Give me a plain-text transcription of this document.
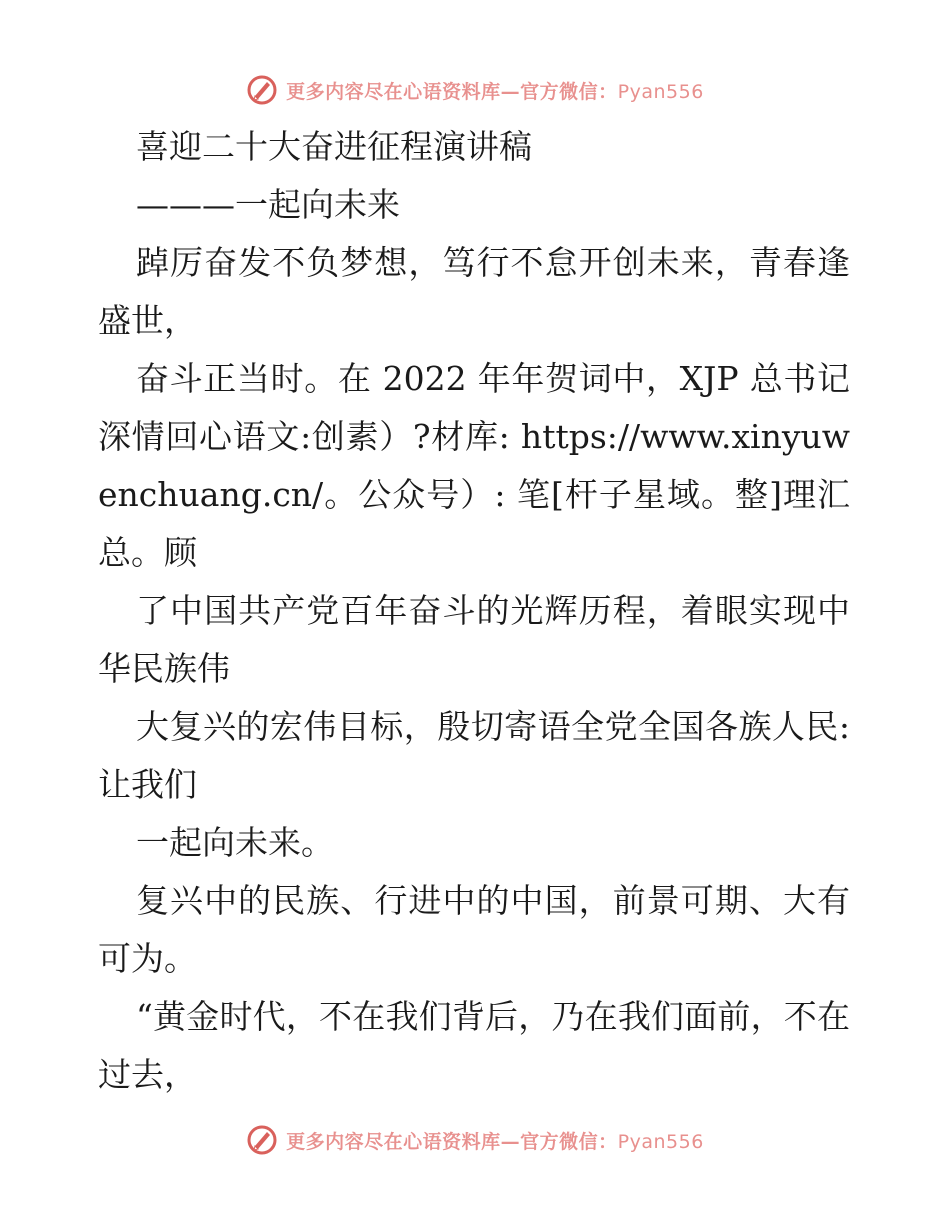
更多内容尽在心语资料库—官方微信：Pyan556

喜迎二十大奋进征程演讲稿

———一起向未来

踔厉奋发不负梦想，笃行不怠开创未来，青春逢盛世，

奋斗正当时。在 2022 年年贺词中，XJP 总书记深情回心语文:创素）?材库: https://www.xinyuwenchuang.cn/。公众号）: 笔[杆子星域。整]理汇总。顾

了中国共产党百年奋斗的光辉历程，着眼实现中华民族伟

大复兴的宏伟目标，殷切寄语全党全国各族人民: 让我们

一起向未来。

复兴中的民族、行进中的中国，前景可期、大有可为。

“黄金时代，不在我们背后，乃在我们面前，不在过去，

更多内容尽在心语资料库—官方微信：Pyan556
